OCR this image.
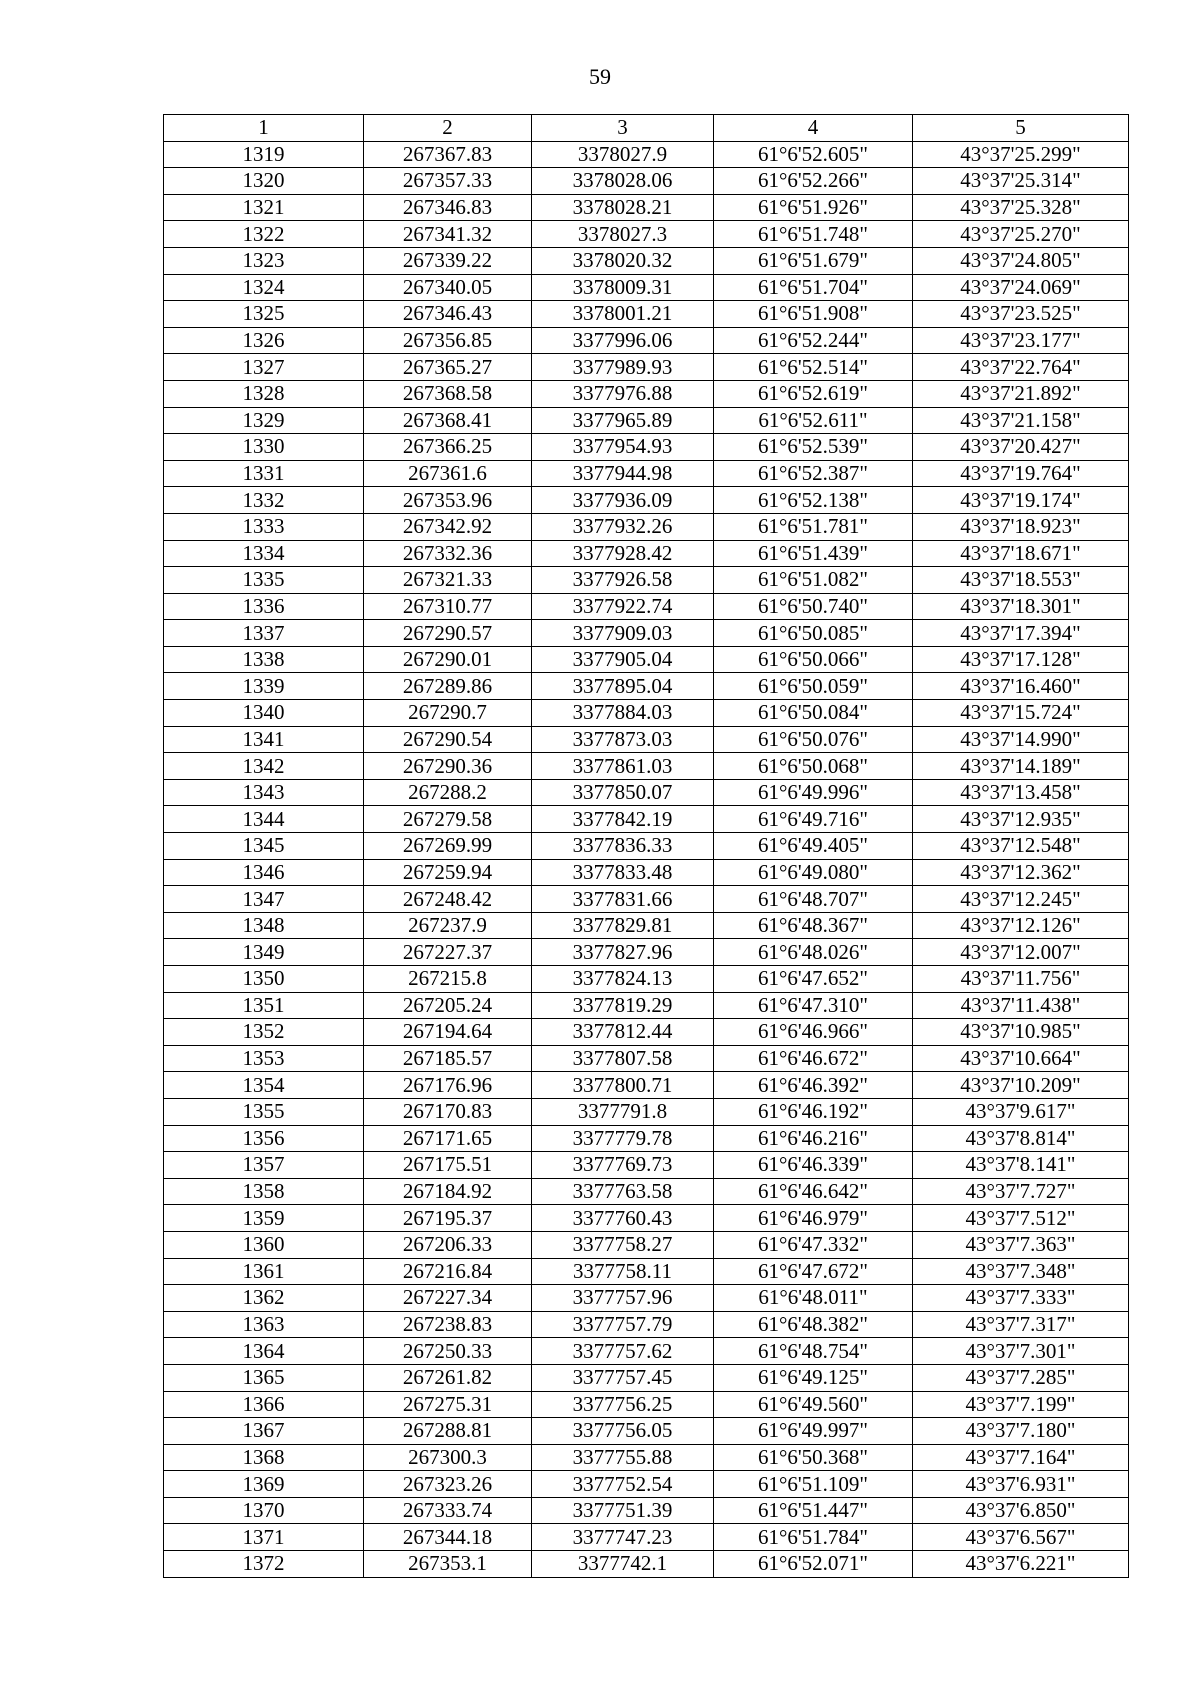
59
1	2	3	4	5
1319	267367.83	3378027.9	61°6'52.605"	43°37'25.299"
1320	267357.33	3378028.06	61°6'52.266"	43°37'25.314"
1321	267346.83	3378028.21	61°6'51.926"	43°37'25.328"
1322	267341.32	3378027.3	61°6'51.748"	43°37'25.270"
1323	267339.22	3378020.32	61°6'51.679"	43°37'24.805"
1324	267340.05	3378009.31	61°6'51.704"	43°37'24.069"
1325	267346.43	3378001.21	61°6'51.908"	43°37'23.525"
1326	267356.85	3377996.06	61°6'52.244"	43°37'23.177"
1327	267365.27	3377989.93	61°6'52.514"	43°37'22.764"
1328	267368.58	3377976.88	61°6'52.619"	43°37'21.892"
1329	267368.41	3377965.89	61°6'52.611"	43°37'21.158"
1330	267366.25	3377954.93	61°6'52.539"	43°37'20.427"
1331	267361.6	3377944.98	61°6'52.387"	43°37'19.764"
1332	267353.96	3377936.09	61°6'52.138"	43°37'19.174"
1333	267342.92	3377932.26	61°6'51.781"	43°37'18.923"
1334	267332.36	3377928.42	61°6'51.439"	43°37'18.671"
1335	267321.33	3377926.58	61°6'51.082"	43°37'18.553"
1336	267310.77	3377922.74	61°6'50.740"	43°37'18.301"
1337	267290.57	3377909.03	61°6'50.085"	43°37'17.394"
1338	267290.01	3377905.04	61°6'50.066"	43°37'17.128"
1339	267289.86	3377895.04	61°6'50.059"	43°37'16.460"
1340	267290.7	3377884.03	61°6'50.084"	43°37'15.724"
1341	267290.54	3377873.03	61°6'50.076"	43°37'14.990"
1342	267290.36	3377861.03	61°6'50.068"	43°37'14.189"
1343	267288.2	3377850.07	61°6'49.996"	43°37'13.458"
1344	267279.58	3377842.19	61°6'49.716"	43°37'12.935"
1345	267269.99	3377836.33	61°6'49.405"	43°37'12.548"
1346	267259.94	3377833.48	61°6'49.080"	43°37'12.362"
1347	267248.42	3377831.66	61°6'48.707"	43°37'12.245"
1348	267237.9	3377829.81	61°6'48.367"	43°37'12.126"
1349	267227.37	3377827.96	61°6'48.026"	43°37'12.007"
1350	267215.8	3377824.13	61°6'47.652"	43°37'11.756"
1351	267205.24	3377819.29	61°6'47.310"	43°37'11.438"
1352	267194.64	3377812.44	61°6'46.966"	43°37'10.985"
1353	267185.57	3377807.58	61°6'46.672"	43°37'10.664"
1354	267176.96	3377800.71	61°6'46.392"	43°37'10.209"
1355	267170.83	3377791.8	61°6'46.192"	43°37'9.617"
1356	267171.65	3377779.78	61°6'46.216"	43°37'8.814"
1357	267175.51	3377769.73	61°6'46.339"	43°37'8.141"
1358	267184.92	3377763.58	61°6'46.642"	43°37'7.727"
1359	267195.37	3377760.43	61°6'46.979"	43°37'7.512"
1360	267206.33	3377758.27	61°6'47.332"	43°37'7.363"
1361	267216.84	3377758.11	61°6'47.672"	43°37'7.348"
1362	267227.34	3377757.96	61°6'48.011"	43°37'7.333"
1363	267238.83	3377757.79	61°6'48.382"	43°37'7.317"
1364	267250.33	3377757.62	61°6'48.754"	43°37'7.301"
1365	267261.82	3377757.45	61°6'49.125"	43°37'7.285"
1366	267275.31	3377756.25	61°6'49.560"	43°37'7.199"
1367	267288.81	3377756.05	61°6'49.997"	43°37'7.180"
1368	267300.3	3377755.88	61°6'50.368"	43°37'7.164"
1369	267323.26	3377752.54	61°6'51.109"	43°37'6.931"
1370	267333.74	3377751.39	61°6'51.447"	43°37'6.850"
1371	267344.18	3377747.23	61°6'51.784"	43°37'6.567"
1372	267353.1	3377742.1	61°6'52.071"	43°37'6.221"
